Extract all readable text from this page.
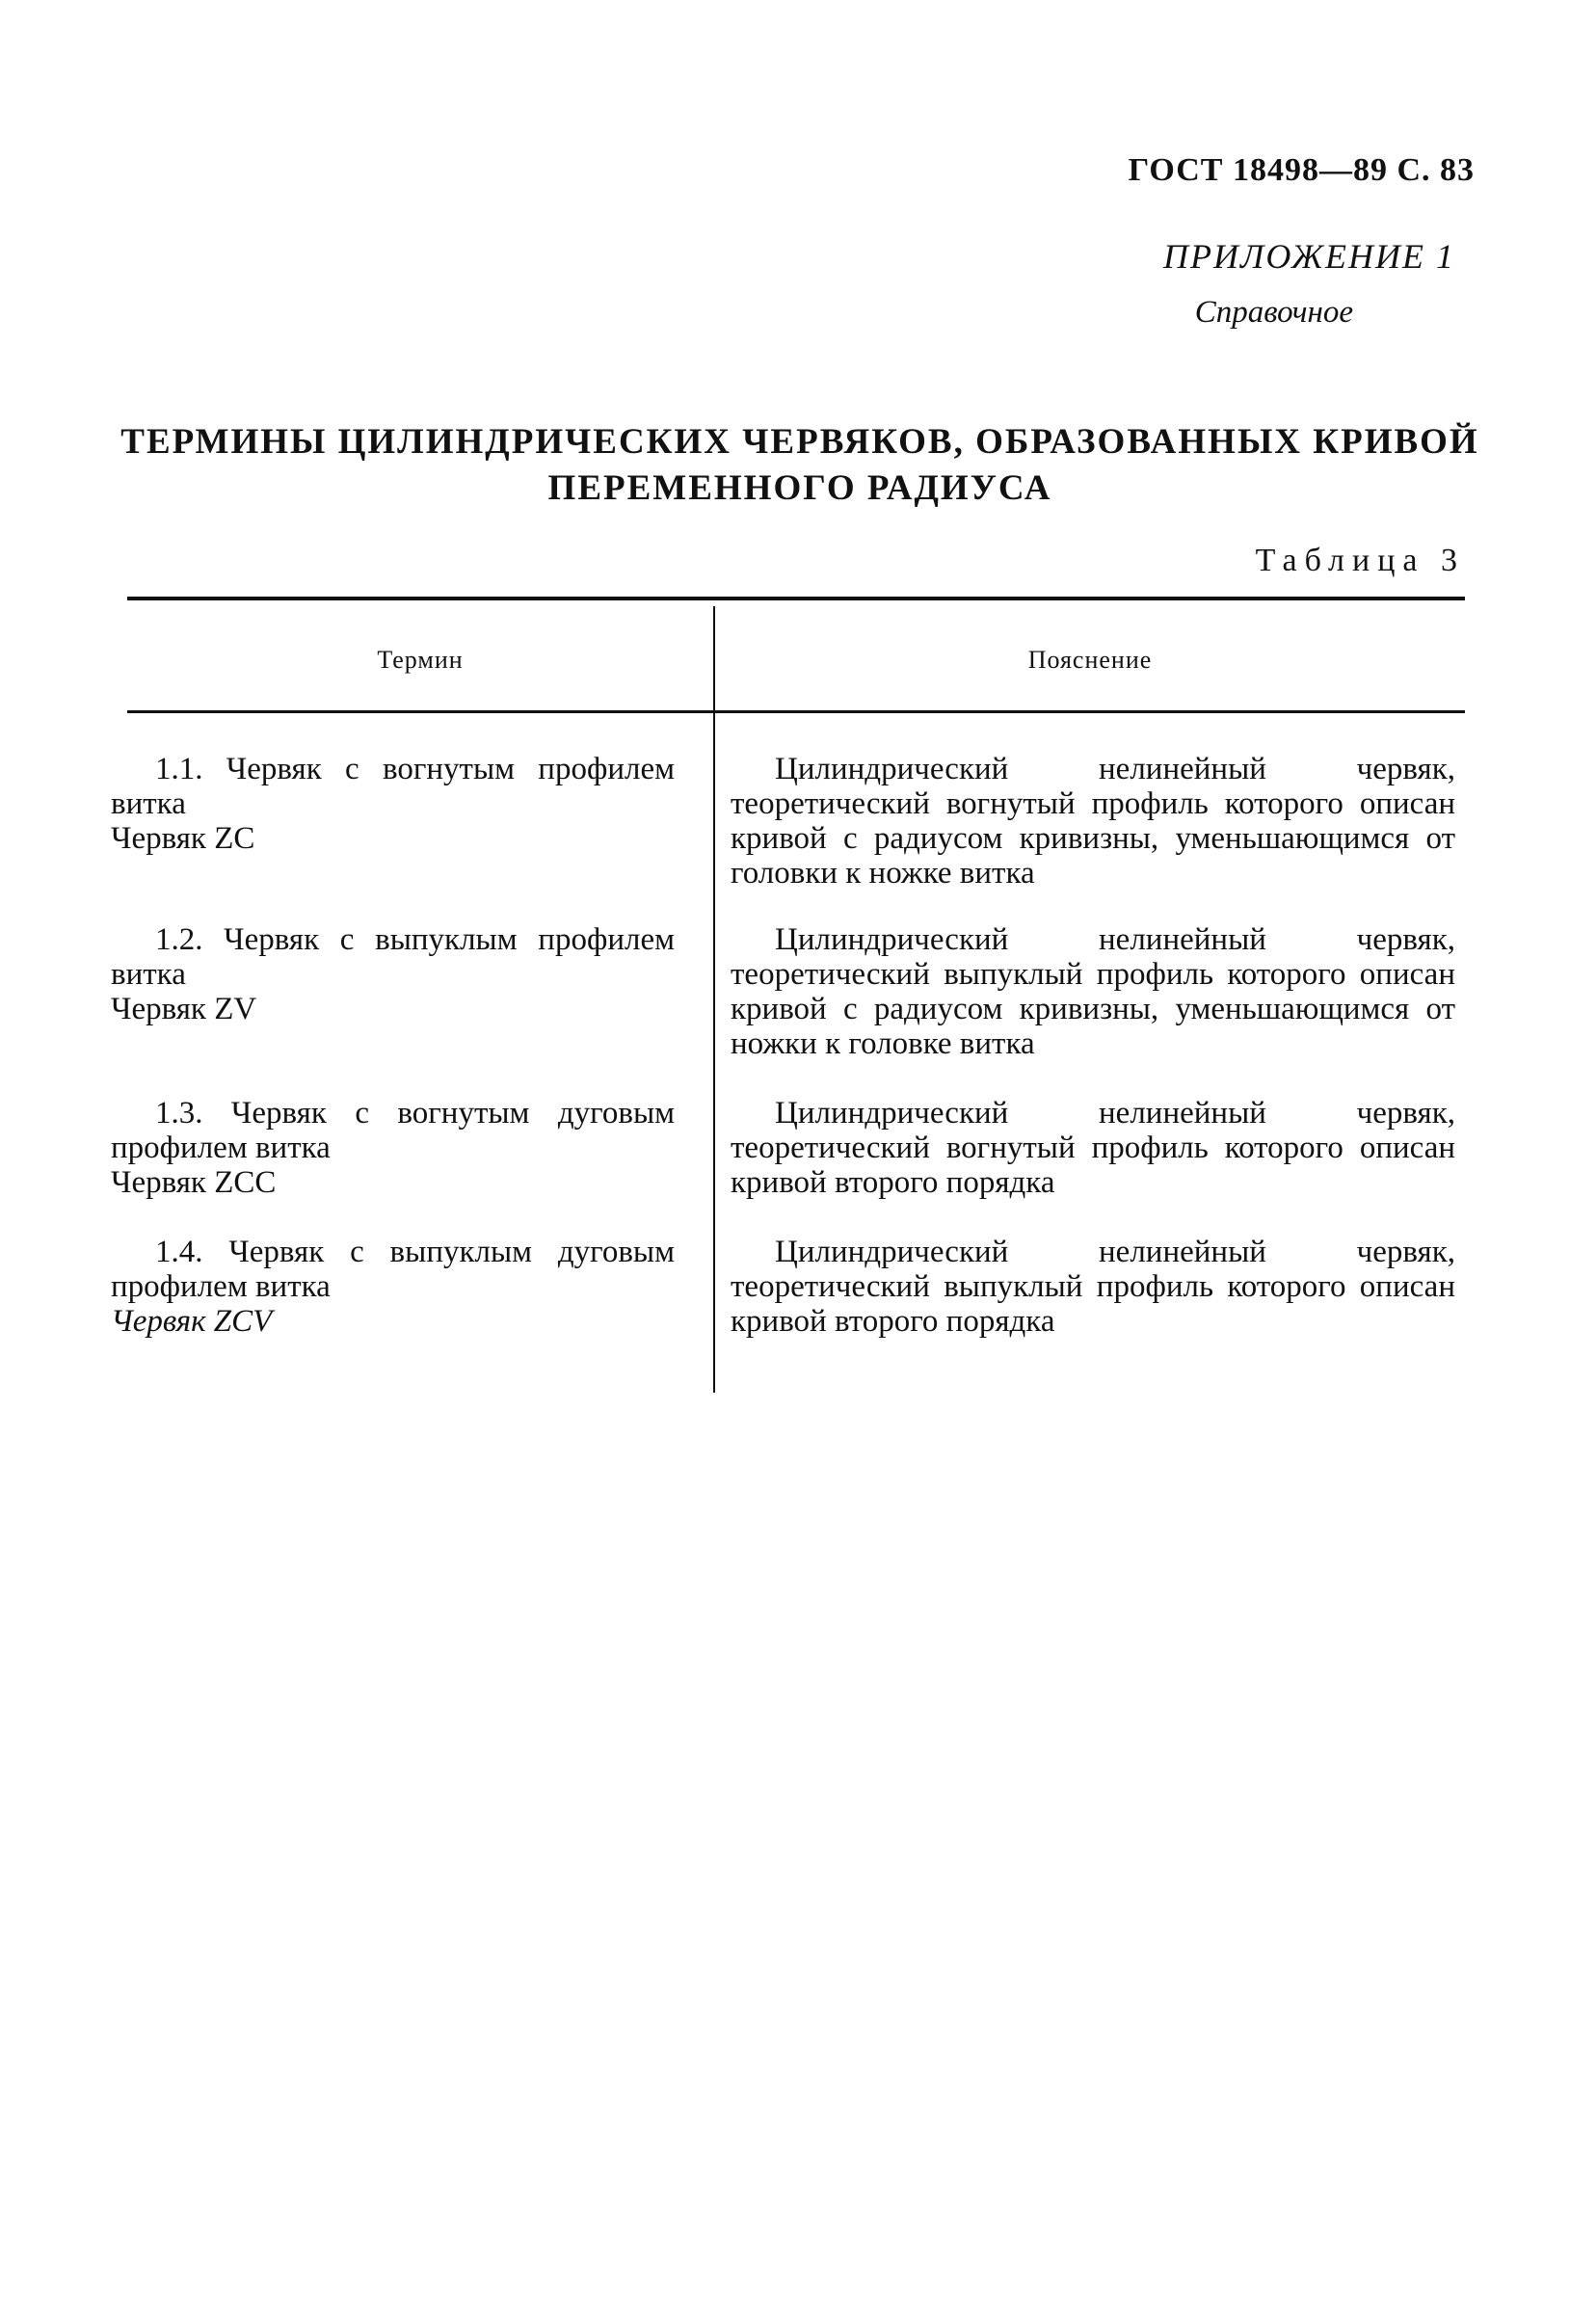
ГОСТ 18498—89 С. 83
ПРИЛОЖЕНИЕ 1
Справочное
ТЕРМИНЫ ЦИЛИНДРИЧЕСКИХ ЧЕРВЯКОВ, ОБРАЗОВАННЫХ КРИВОЙ
ПЕРЕМЕННОГО РАДИУСА
Таблица 3
Термин	Пояснение
1.1. Червяк с вогнутым профилем витка
Червяк ZC
Цилиндрический нелинейный червяк, теоретический вогнутый профиль которого описан кривой с радиусом кривизны, уменьшающимся от головки к ножке витка
1.2. Червяк с выпуклым профилем витка
Червяк ZV
Цилиндрический нелинейный червяк, теоретический выпуклый профиль которого описан кривой с радиусом кривизны, уменьшающимся от ножки к головке витка
1.3. Червяк с вогнутым дуговым профилем витка
Червяк ZCC
Цилиндрический нелинейный червяк, теоретический вогнутый профиль которого описан кривой второго порядка
1.4. Червяк с выпуклым дуговым профилем витка
Червяк ZCV
Цилиндрический нелинейный червяк, теоретический выпуклый профиль которого описан кривой второго порядка
